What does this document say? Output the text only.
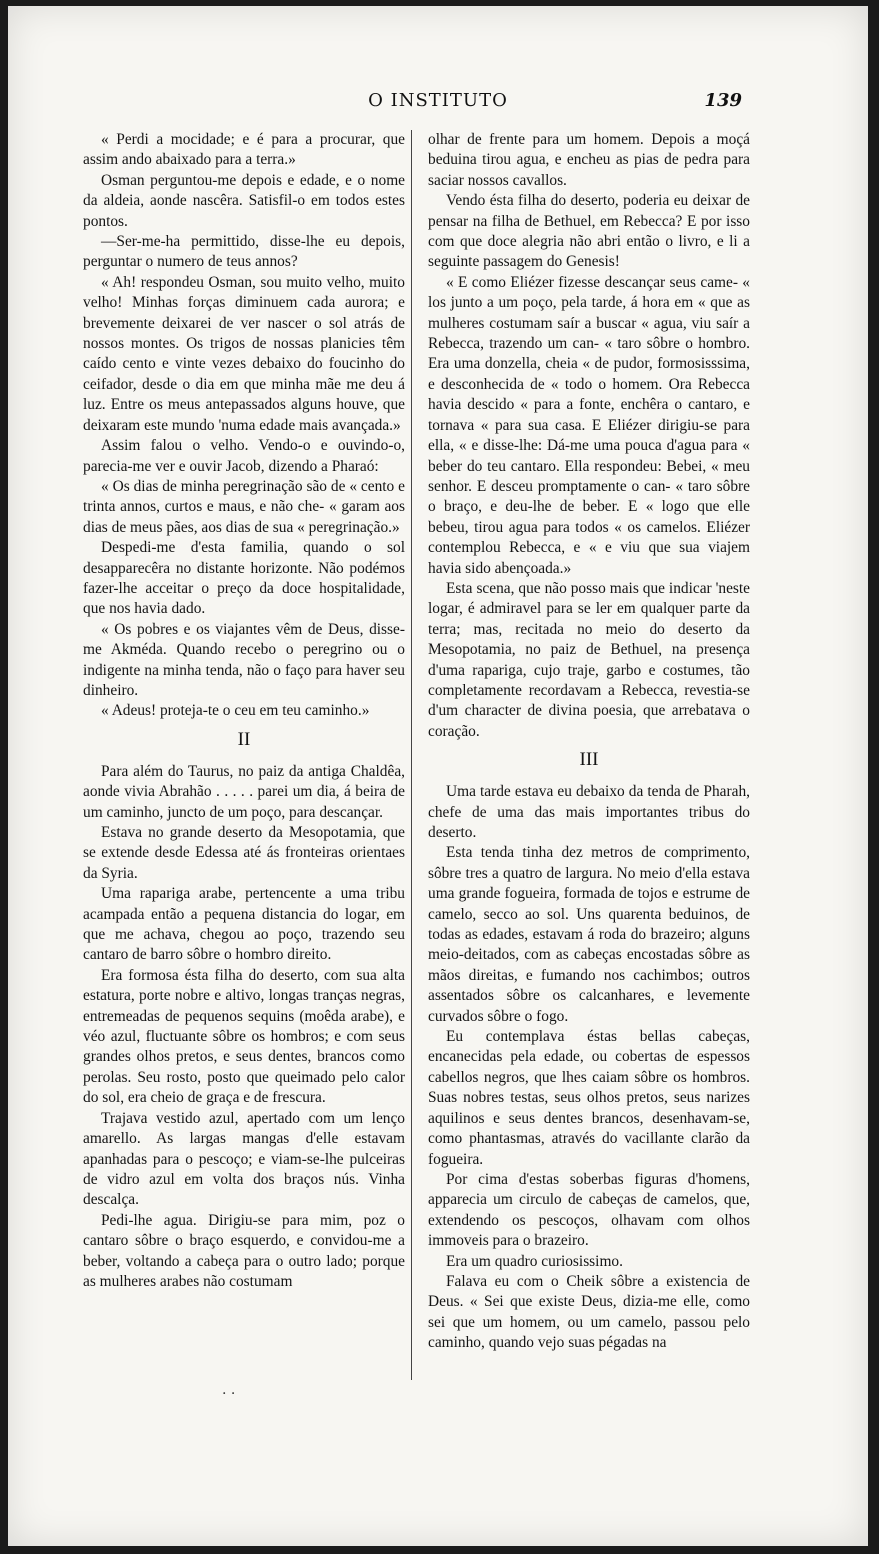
O INSTITUTO	139

« Perdi a mocidade; e é para a procurar, que assim ando abaixado para a terra.»

Osman perguntou-me depois e edade, e o nome da aldeia, aonde nascêra. Satisfil-o em todos estes pontos.

—Ser-me-ha permittido, disse-lhe eu depois, perguntar o numero de teus annos?

« Ah! respondeu Osman, sou muito velho, muito velho! Minhas forças diminuem cada aurora; e brevemente deixarei de ver nascer o sol atrás de nossos montes. Os trigos de nossas planicies têm caído cento e vinte vezes debaixo do foucinho do ceifador, desde o dia em que minha mãe me deu á luz. Entre os meus antepassados alguns houve, que deixaram este mundo 'numa edade mais avançada.»

Assim falou o velho. Vendo-o e ouvindo-o, parecia-me ver e ouvir Jacob, dizendo a Pharaó:

« Os dias de minha peregrinação são de « cento e trinta annos, curtos e maus, e não che- « garam aos dias de meus pães, aos dias de sua « peregrinação.»

Despedi-me d'esta familia, quando o sol desapparecêra no distante horizonte. Não podémos fazer-lhe acceitar o preço da doce hospitalidade, que nos havia dado.

« Os pobres e os viajantes vêm de Deus, disse-me Akméda. Quando recebo o peregrino ou o indigente na minha tenda, não o faço para haver seu dinheiro.

« Adeus! proteja-te o ceu em teu caminho.»

II

Para além do Taurus, no paiz da antiga Chaldêa, aonde vivia Abrahão . . . . . parei um dia, á beira de um caminho, juncto de um poço, para descançar.

Estava no grande deserto da Mesopotamia, que se extende desde Edessa até ás fronteiras orientaes da Syria.

Uma rapariga arabe, pertencente a uma tribu acampada então a pequena distancia do logar, em que me achava, chegou ao poço, trazendo seu cantaro de barro sôbre o hombro direito.

Era formosa ésta filha do deserto, com sua alta estatura, porte nobre e altivo, longas tranças negras, entremeadas de pequenos sequins (moêda arabe), e véo azul, fluctuante sôbre os hombros; e com seus grandes olhos pretos, e seus dentes, brancos como perolas. Seu rosto, posto que queimado pelo calor do sol, era cheio de graça e de frescura.

Trajava vestido azul, apertado com um lenço amarello. As largas mangas d'elle estavam apanhadas para o pescoço; e viam-se-lhe pulceiras de vidro azul em volta dos braços nús. Vinha descalça.

Pedi-lhe agua. Dirigiu-se para mim, poz o cantaro sôbre o braço esquerdo, e convidou-me a beber, voltando a cabeça para o outro lado; porque as mulheres arabes não costumam

olhar de frente para um homem. Depois a moçá beduina tirou agua, e encheu as pias de pedra para saciar nossos cavallos.

Vendo ésta filha do deserto, poderia eu deixar de pensar na filha de Bethuel, em Rebecca? E por isso com que doce alegria não abri então o livro, e li a seguinte passagem do Genesis!

« E como Eliézer fizesse descançar seus came- « los junto a um poço, pela tarde, á hora em « que as mulheres costumam saír a buscar « agua, viu saír a Rebecca, trazendo um can- « taro sôbre o hombro. Era uma donzella, cheia « de pudor, formosisssima, e desconhecida de « todo o homem. Ora Rebecca havia descido « para a fonte, enchêra o cantaro, e tornava « para sua casa. E Eliézer dirigiu-se para ella, « e disse-lhe: Dá-me uma pouca d'agua para « beber do teu cantaro. Ella respondeu: Bebei, « meu senhor. E desceu promptamente o can- « taro sôbre o braço, e deu-lhe de beber. E « logo que elle bebeu, tirou agua para todos « os camelos. Eliézer contemplou Rebecca, e « e viu que sua viajem havia sido abençoada.»

Esta scena, que não posso mais que indicar 'neste logar, é admiravel para se ler em qualquer parte da terra; mas, recitada no meio do deserto da Mesopotamia, no paiz de Bethuel, na presença d'uma rapariga, cujo traje, garbo e costumes, tão completamente recordavam a Rebecca, revestia-se d'um character de divina poesia, que arrebatava o coração.

III

Uma tarde estava eu debaixo da tenda de Pharah, chefe de uma das mais importantes tribus do deserto.

Esta tenda tinha dez metros de comprimento, sôbre tres a quatro de largura. No meio d'ella estava uma grande fogueira, formada de tojos e estrume de camelo, secco ao sol. Uns quarenta beduinos, de todas as edades, estavam á roda do brazeiro; alguns meio-deitados, com as cabeças encostadas sôbre as mãos direitas, e fumando nos cachimbos; outros assentados sôbre os calcanhares, e levemente curvados sôbre o fogo.

Eu contemplava éstas bellas cabeças, encanecidas pela edade, ou cobertas de espessos cabellos negros, que lhes caiam sôbre os hombros. Suas nobres testas, seus olhos pretos, seus narizes aquilinos e seus dentes brancos, desenhavam-se, como phantasmas, através do vacillante clarão da fogueira.

Por cima d'estas soberbas figuras d'homens, apparecia um circulo de cabeças de camelos, que, extendendo os pescoços, olhavam com olhos immoveis para o brazeiro.

Era um quadro curiosissimo.

Falava eu com o Cheik sôbre a existencia de Deus. « Sei que existe Deus, dizia-me elle, como sei que um homem, ou um camelo, passou pelo caminho, quando vejo suas pégadas na

. .
